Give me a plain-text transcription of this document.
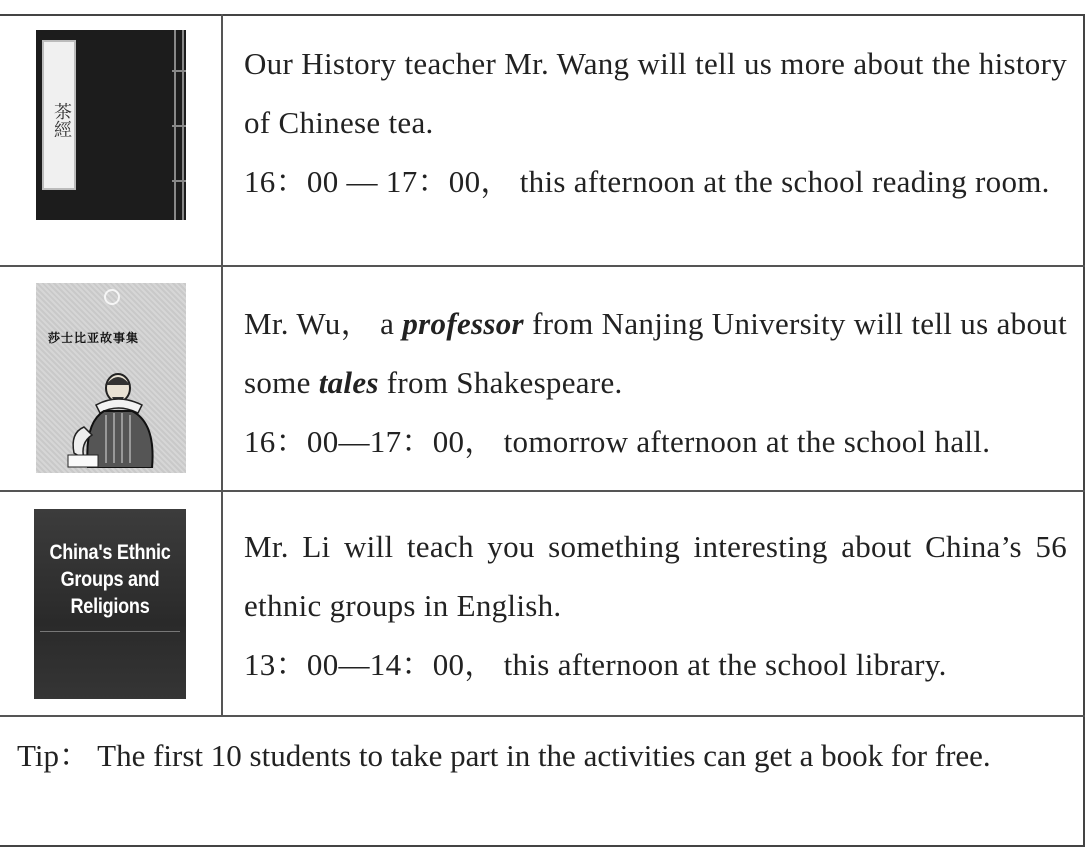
Our History teacher Mr. Wang will tell us more about the history of Chinese tea.
16：00 — 17：00， this afternoon at the school reading room.
Mr. Wu， a professor from Nanjing University will tell us about some tales from Shakespeare.
16：00—17：00， tomorrow afternoon at the school hall.
Mr. Li will teach you something interesting about China’s 56 ethnic groups in English.
13：00—14：00， this afternoon at the school library.
Tip： The first 10 students to take part in the activities can get a book for free.
茶經
莎士比亚故事集
China's Ethnic Groups and Religions
